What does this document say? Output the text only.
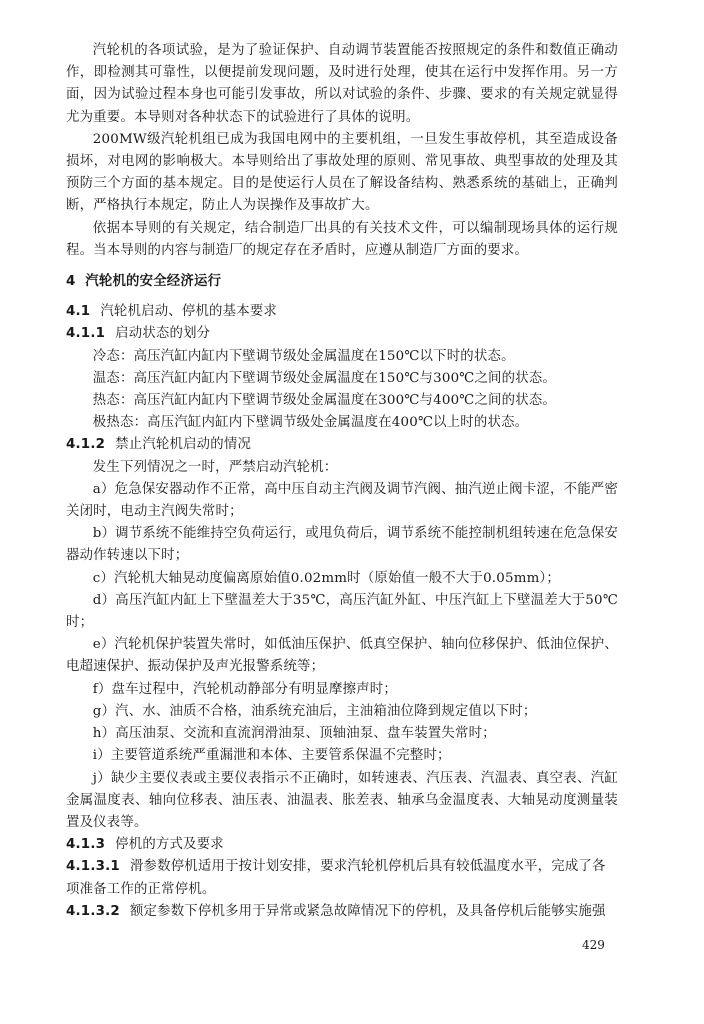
汽轮机的各项试验，是为了验证保护、自动调节装置能否按照规定的条件和数值正确动作，即检测其可靠性，以便提前发现问题，及时进行处理，使其在运行中发挥作用。另一方面，因为试验过程本身也可能引发事故，所以对试验的条件、步骤、要求的有关规定就显得尤为重要。本导则对各种状态下的试验进行了具体的说明。

200MW级汽轮机组已成为我国电网中的主要机组，一旦发生事故停机，其至造成设备损坏，对电网的影响极大。本导则给出了事故处理的原则、常见事故、典型事故的处理及其预防三个方面的基本规定。目的是使运行人员在了解设备结构、熟悉系统的基础上，正确判断，严格执行本规定，防止人为误操作及事故扩大。

依据本导则的有关规定，结合制造厂出具的有关技术文件，可以编制现场具体的运行规程。当本导则的内容与制造厂的规定存在矛盾时，应遵从制造厂方面的要求。

4 汽轮机的安全经济运行
4.1 汽轮机启动、停机的基本要求
4.1.1 启动状态的划分

冷态：高压汽缸内缸内下壁调节级处金属温度在150℃以下时的状态。

温态：高压汽缸内缸内下壁调节级处金属温度在150℃与300℃之间的状态。

热态：高压汽缸内缸内下壁调节级处金属温度在300℃与400℃之间的状态。

极热态：高压汽缸内缸内下壁调节级处金属温度在400℃以上时的状态。

4.1.2 禁止汽轮机启动的情况

发生下列情况之一时，严禁启动汽轮机：

a）危急保安器动作不正常，高中压自动主汽阀及调节汽阀、抽汽逆止阀卡涩，不能严密关闭时，电动主汽阀失常时；

b）调节系统不能维持空负荷运行，或甩负荷后，调节系统不能控制机组转速在危急保安器动作转速以下时；

c）汽轮机大轴晃动度偏离原始值0.02mm时（原始值一般不大于0.05mm）；

d）高压汽缸内缸上下壁温差大于35℃，高压汽缸外缸、中压汽缸上下壁温差大于50℃时；

e）汽轮机保护装置失常时，如低油压保护、低真空保护、轴向位移保护、低油位保护、电超速保护、振动保护及声光报警系统等；

f）盘车过程中，汽轮机动静部分有明显摩擦声时；

g）汽、水、油质不合格，油系统充油后，主油箱油位降到规定值以下时；

h）高压油泵、交流和直流润滑油泵、顶轴油泵、盘车装置失常时；

i）主要管道系统严重漏泄和本体、主要管系保温不完整时；

j）缺少主要仪表或主要仪表指示不正确时，如转速表、汽压表、汽温表、真空表、汽缸金属温度表、轴向位移表、油压表、油温表、胀差表、轴承乌金温度表、大轴晃动度测量装置及仪表等。

4.1.3 停机的方式及要求

4.1.3.1 滑参数停机适用于按计划安排，要求汽轮机停机后具有较低温度水平，完成了各项准备工作的正常停机。

4.1.3.2 额定参数下停机多用于异常或紧急故障情况下的停机，及具备停机后能够实施强

429
